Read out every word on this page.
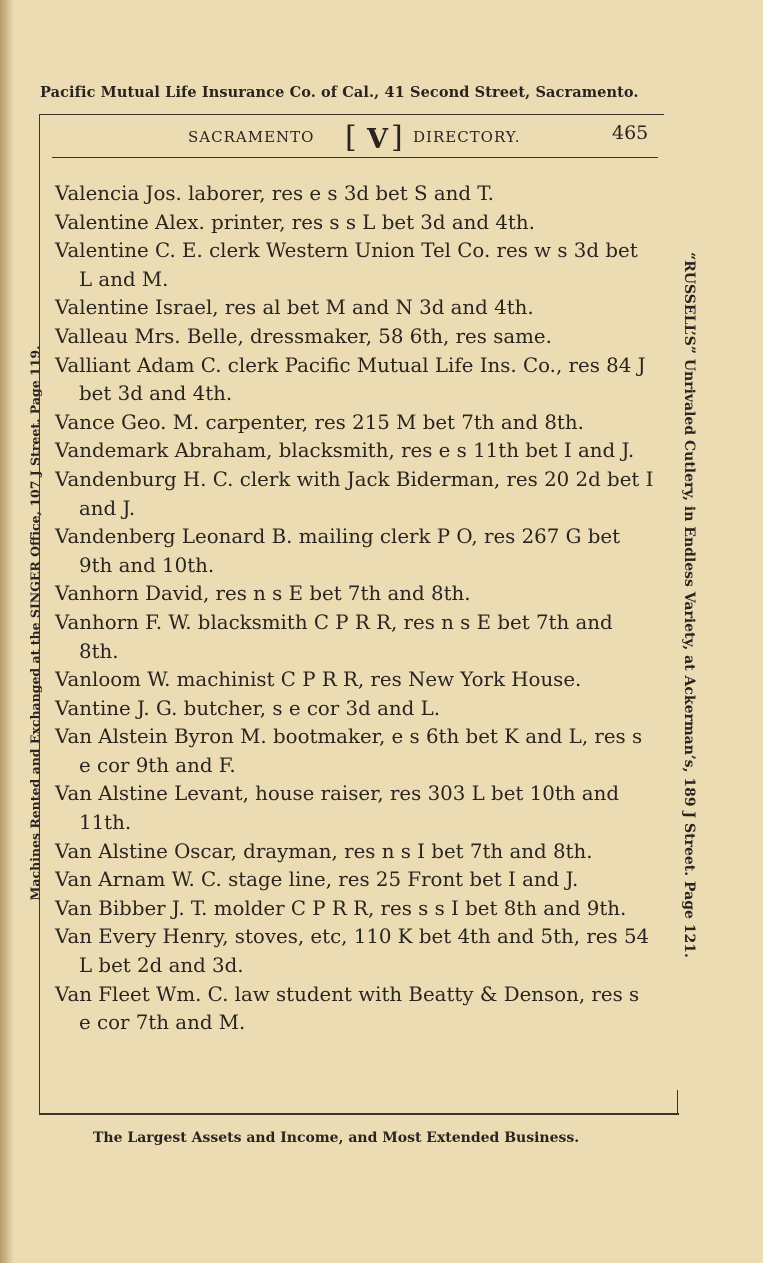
Pacific Mutual Life Insurance Co. of Cal., 41 Second Street, Sacramento.
Machines Rented and Exchanged at the SINGER Office, 107 J Street. Page 119.	“RUSSELL’S” Unrivaled Cutlery, in Endless Variety, at Ackerman’s, 189 J Street. Page 121.
SACRAMENTO [ V ] DIRECTORY.	465
Valencia Jos. laborer, res e s 3d bet S and T.
Valentine Alex. printer, res s s L bet 3d and 4th.
Valentine C. E. clerk Western Union Tel Co. res w s 3d bet L and M.
Valentine Israel, res al bet M and N 3d and 4th.
Valleau Mrs. Belle, dressmaker, 58 6th, res same.
Valliant Adam C. clerk Pacific Mutual Life Ins. Co., res 84 J bet 3d and 4th.
Vance Geo. M. carpenter, res 215 M bet 7th and 8th.
Vandemark Abraham, blacksmith, res e s 11th bet I and J.
Vandenburg H. C. clerk with Jack Biderman, res 20 2d bet I and J.
Vandenberg Leonard B. mailing clerk P O, res 267 G bet 9th and 10th.
Vanhorn David, res n s E bet 7th and 8th.
Vanhorn F. W. blacksmith C P R R, res n s E bet 7th and 8th.
Vanloom W. machinist C P R R, res New York House.
Vantine J. G. butcher, s e cor 3d and L.
Van Alstein Byron M. bootmaker, e s 6th bet K and L, res s e cor 9th and F.
Van Alstine Levant, house raiser, res 303 L bet 10th and 11th.
Van Alstine Oscar, drayman, res n s I bet 7th and 8th.
Van Arnam W. C. stage line, res 25 Front bet I and J.
Van Bibber J. T. molder C P R R, res s s I bet 8th and 9th.
Van Every Henry, stoves, etc, 110 K bet 4th and 5th, res 54 L bet 2d and 3d.
Van Fleet Wm. C. law student with Beatty & Denson, res s e cor 7th and M.
The Largest Assets and Income, and Most Extended Business.
